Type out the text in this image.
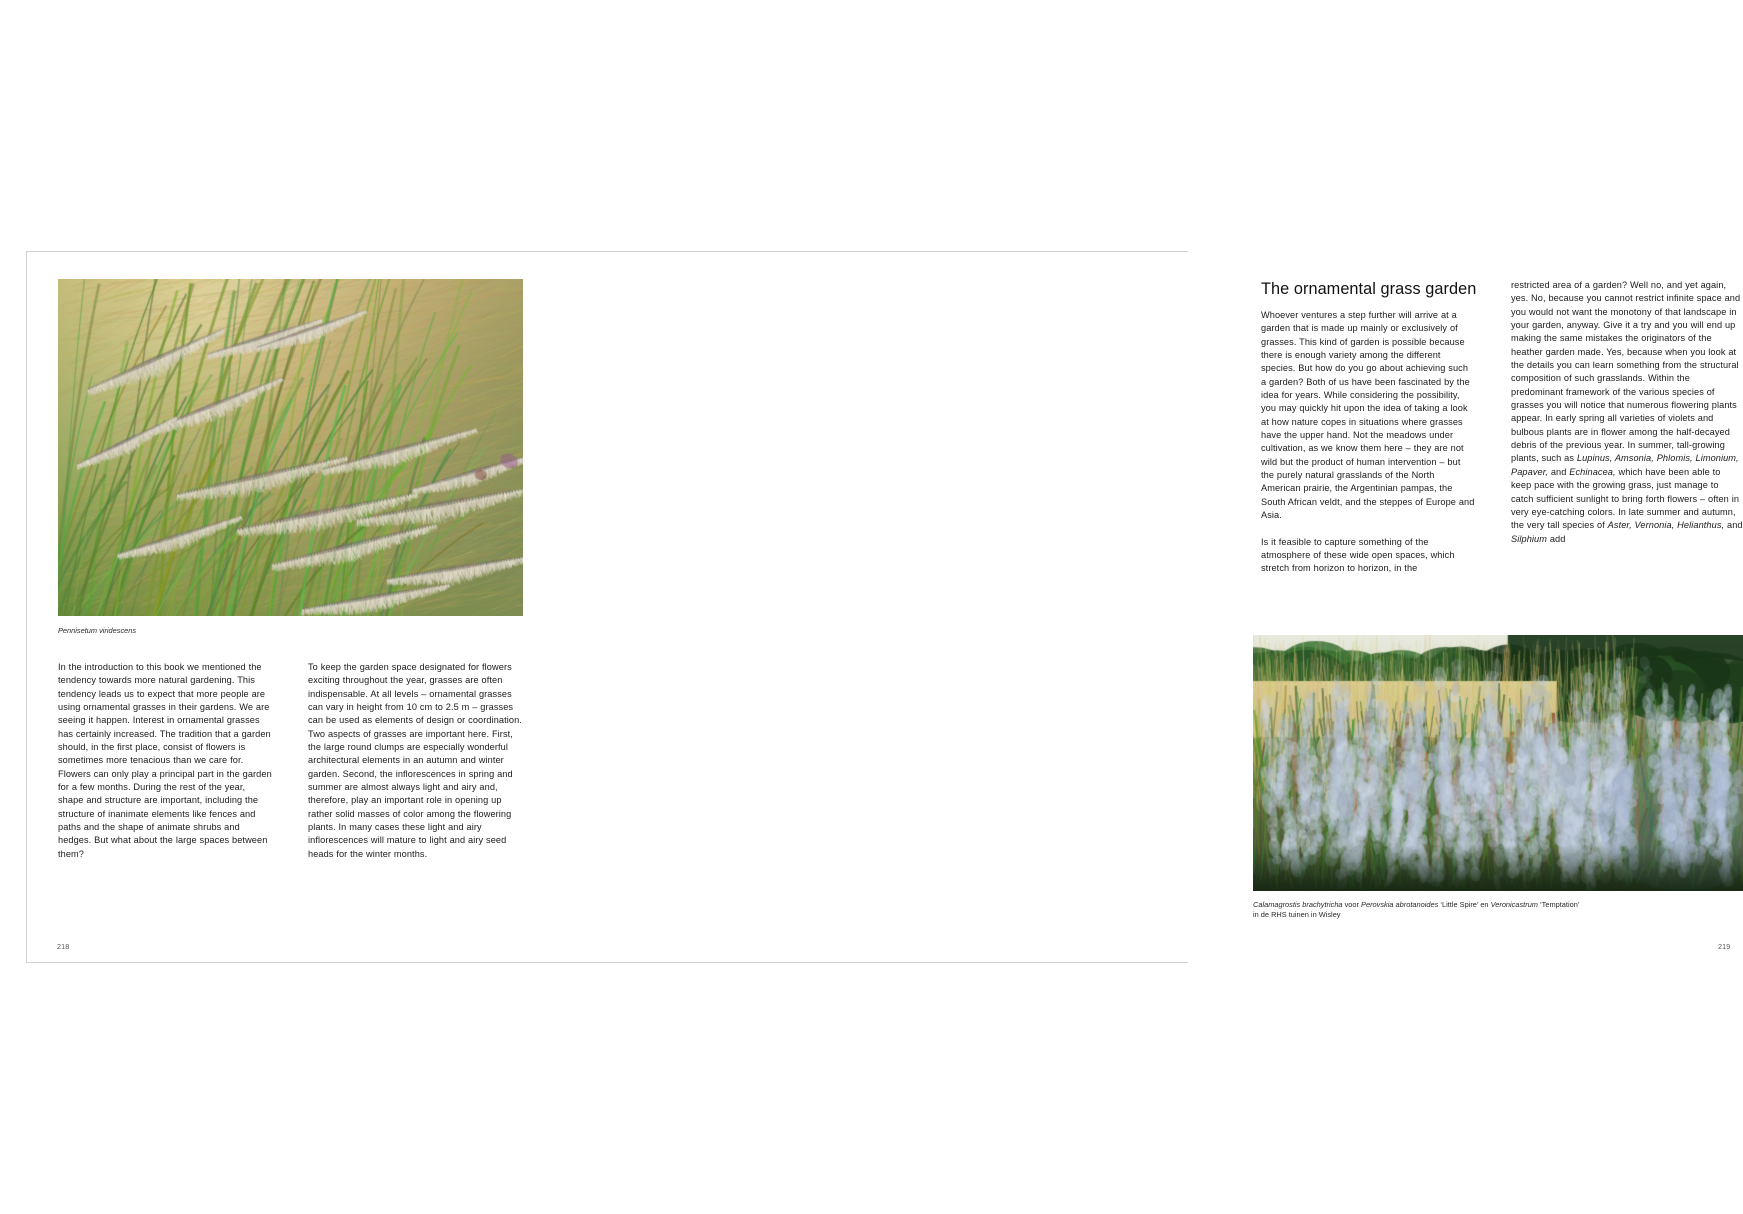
Pennisetum viridescens

In the introduction to this book we mentioned the tendency towards more natural gardening. This tendency leads us to expect that more people are using ornamental grasses in their gardens. We are seeing it happen. Interest in ornamental grasses has certainly increased. The tradition that a garden should, in the first place, consist of flowers is sometimes more tenacious than we care for. Flowers can only play a principal part in the garden for a few months. During the rest of the year, shape and structure are important, including the structure of inanimate elements like fences and paths and the shape of animate shrubs and hedges. But what about the large spaces between them?

To keep the garden space designated for flowers exciting throughout the year, grasses are often indispensable. At all levels – ornamental grasses can vary in height from 10 cm to 2.5 m – grasses can be used as elements of design or coordination. Two aspects of grasses are important here. First, the large round clumps are especially wonderful architectural elements in an autumn and winter garden. Second, the inflorescences in spring and summer are almost always light and airy and, therefore, play an important role in opening up rather solid masses of color among the flowering plants. In many cases these light and airy inflorescences will mature to light and airy seed heads for the winter months.

218
The ornamental grass garden

Whoever ventures a step further will arrive at a garden that is made up mainly or exclusively of grasses. This kind of garden is possible because there is enough variety among the different species. But how do you go about achieving such a garden? Both of us have been fascinated by the idea for years. While considering the possibility, you may quickly hit upon the idea of taking a look at how nature copes in situations where grasses have the upper hand. Not the meadows under cultivation, as we know them here – they are not wild but the product of human intervention – but the purely natural grasslands of the North American prairie, the Argentinian pampas, the South African veldt, and the steppes of Europe and Asia.

Is it feasible to capture something of the atmosphere of these wide open spaces, which stretch from horizon to horizon, in the

restricted area of a garden? Well no, and yet again, yes. No, because you cannot restrict infinite space and you would not want the monotony of that landscape in your garden, anyway. Give it a try and you will end up making the same mistakes the originators of the heather garden made. Yes, because when you look at the details you can learn something from the structural composition of such grasslands. Within the predominant framework of the various species of grasses you will notice that numerous flowering plants appear. In early spring all varieties of violets and bulbous plants are in flower among the half-decayed debris of the previous year. In summer, tall-growing plants, such as Lupinus, Amsonia, Phlomis, Limonium, Papaver, and Echinacea, which have been able to keep pace with the growing grass, just manage to catch sufficient sunlight to bring forth flowers – often in very eye-catching colors. In late summer and autumn, the very tall species of Aster, Vernonia, Helianthus, and Silphium add

Calamagrostis brachytricha voor Perovskia abrotanoides ‘Little Spire’ en Veronicastrum ‘Temptation’
in de RHS tuinen in Wisley
219
